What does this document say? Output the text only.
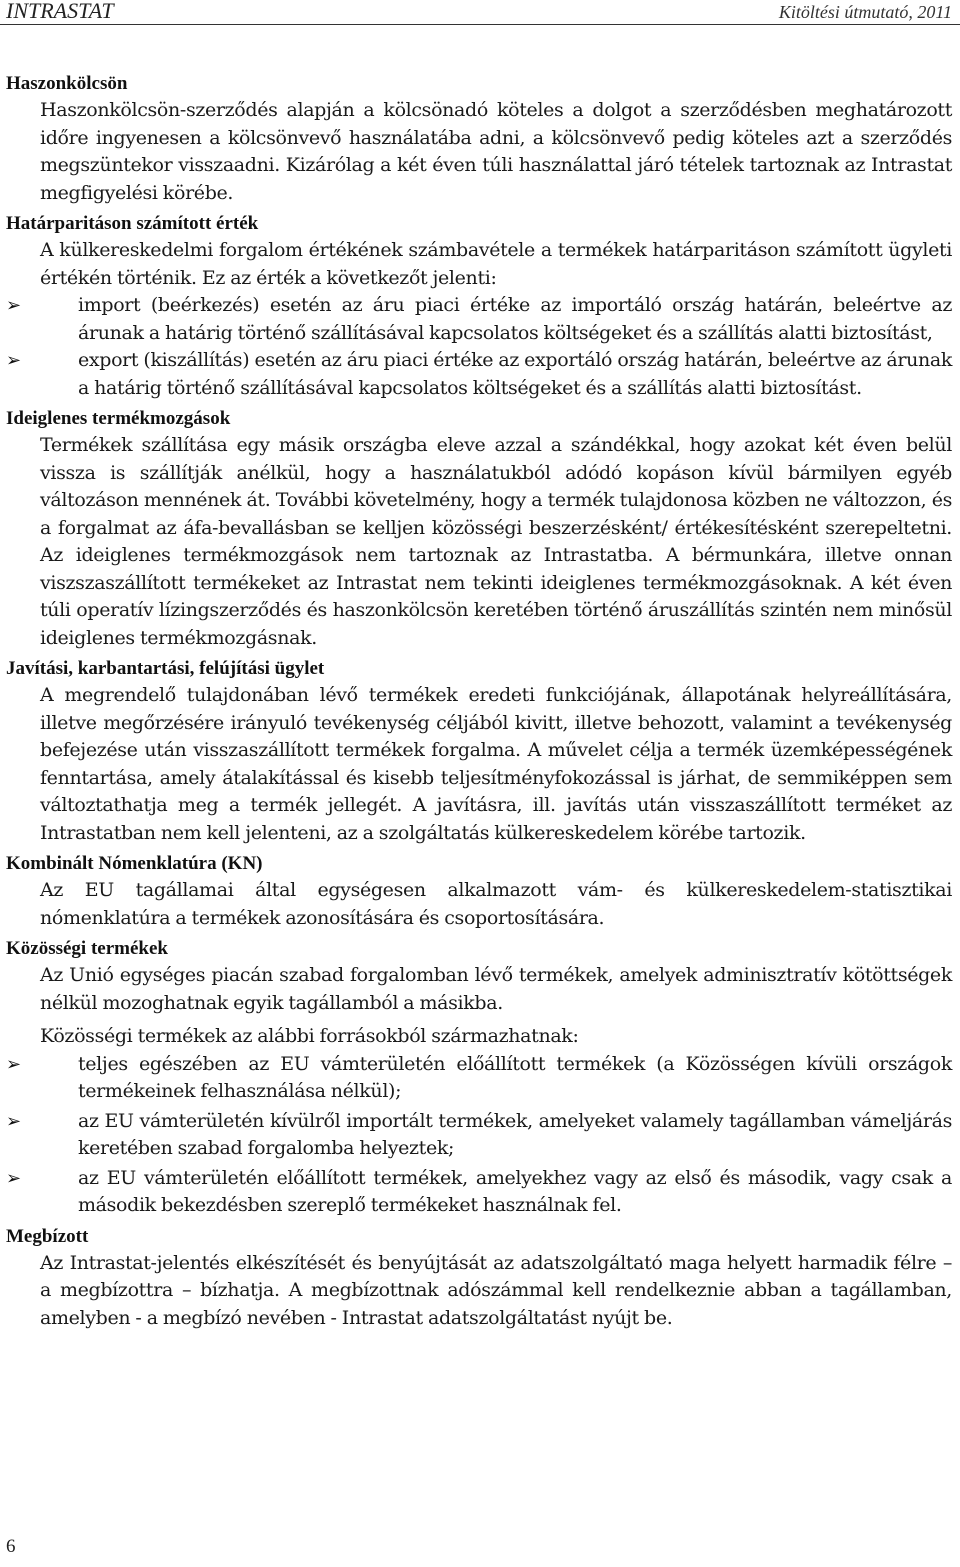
INTRASTAT	Kitöltési útmutató, 2011
Haszonkölcsön

Haszonkölcsön-szerződés alapján a kölcsönadó köteles a dolgot a szerződésben meghatározott időre ingyenesen a kölcsönvevő használatába adni, a kölcsönvevő pedig köteles azt a szerződés megszüntekor visszaadni. Kizárólag a két éven túli használattal járó tételek tartoznak az Intrastat megfigyelési körébe.

Határparitáson számított érték

A külkereskedelmi forgalom értékének számbavétele a termékek határparitáson számított ügyleti értékén történik. Ez az érték a következőt jelenti:

➢	import (beérkezés) esetén az áru piaci értéke az importáló ország határán, beleértve az árunak a határig történő szállításával kapcsolatos költségeket és a szállítás alatti biztosítást,
➢	export (kiszállítás) esetén az áru piaci értéke az exportáló ország határán, beleértve az árunak a határig történő szállításával kapcsolatos költségeket és a szállítás alatti biztosítást.
Ideiglenes termékmozgások

Termékek szállítása egy másik országba eleve azzal a szándékkal, hogy azokat két éven belül vissza is szállítják anélkül, hogy a használatukból adódó kopáson kívül bármilyen egyéb változáson mennének át. További követelmény, hogy a termék tulajdonosa közben ne változzon, és a forgalmat az áfa-bevallásban se kelljen közösségi beszerzésként/ értékesítésként szerepeltetni. Az ideiglenes termékmozgások nem tartoznak az Intrastatba. A bérmunkára, illetve onnan viszszaszállított termékeket az Intrastat nem tekinti ideiglenes termékmozgásoknak. A két éven túli operatív lízingszerződés és haszonkölcsön keretében történő áruszállítás szintén nem minősül ideiglenes termékmozgásnak.

Javítási, karbantartási, felújítási ügylet

A megrendelő tulajdonában lévő termékek eredeti funkciójának, állapotának helyreállítására, illetve megőrzésére irányuló tevékenység céljából kivitt, illetve behozott, valamint a tevékenység befejezése után visszaszállított termékek forgalma. A művelet célja a termék üzemképességének fenntartása, amely átalakítással és kisebb teljesítményfokozással is járhat, de semmiképpen sem változtathatja meg a termék jellegét. A javításra, ill. javítás után visszaszállított terméket az Intrastatban nem kell jelenteni, az a szolgáltatás külkereskedelem körébe tartozik.

Kombinált Nómenklatúra (KN)

Az EU tagállamai által egységesen alkalmazott vám- és külkereskedelem-statisztikai nómenklatúra a termékek azonosítására és csoportosítására.

Közösségi termékek

Az Unió egységes piacán szabad forgalomban lévő termékek, amelyek adminisztratív kötöttségek nélkül mozoghatnak egyik tagállamból a másikba.

Közösségi termékek az alábbi forrásokból származhatnak:

➢	teljes egészében az EU vámterületén előállított termékek (a Közösségen kívüli országok termékeinek felhasználása nélkül);
➢	az EU vámterületén kívülről importált termékek, amelyeket valamely tagállamban vámeljárás keretében szabad forgalomba helyeztek;
➢	az EU vámterületén előállított termékek, amelyekhez vagy az első és második, vagy csak a második bekezdésben szereplő termékeket használnak fel.
Megbízott

Az Intrastat-jelentés elkészítését és benyújtását az adatszolgáltató maga helyett harmadik félre – a megbízottra – bízhatja. A megbízottnak adószámmal kell rendelkeznie abban a tagállamban, amelyben - a megbízó nevében - Intrastat adatszolgáltatást nyújt be.

6
